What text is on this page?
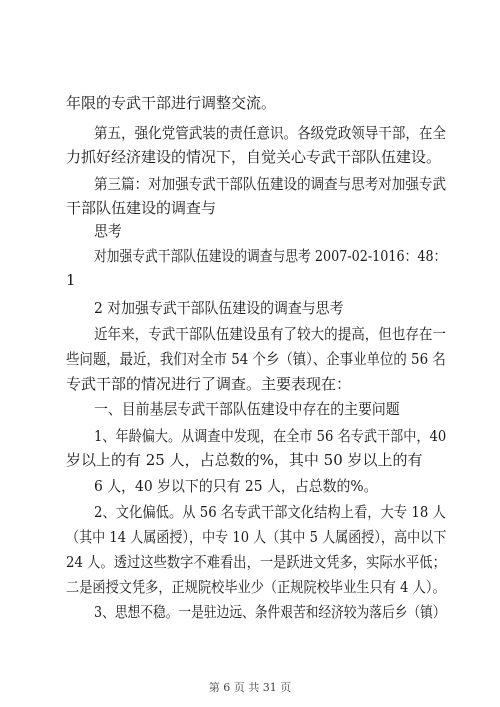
年限的专武干部进行调整交流。
第五，强化党管武装的责任意识。各级党政领导干部，在全
力抓好经济建设的情况下，自觉关心专武干部队伍建设。
第三篇：对加强专武干部队伍建设的调查与思考对加强专武
干部队伍建设的调查与
思考
对加强专武干部队伍建设的调查与思考 2007-02-1016：48：
1
2 对加强专武干部队伍建设的调查与思考
近年来，专武干部队伍建设虽有了较大的提高，但也存在一
些问题，最近，我们对全市 54 个乡（镇）、企事业单位的 56 名
专武干部的情况进行了调查。主要表现在：
一、目前基层专武干部队伍建设中存在的主要问题
1、年龄偏大。从调查中发现，在全市 56 名专武干部中，40
岁以上的有 25 人，占总数的%，其中 50 岁以上的有
6 人，40 岁以下的只有 25 人，占总数的%。
2、文化偏低。从 56 名专武干部文化结构上看，大专 18 人
（其中 14 人属函授），中专 10 人（其中 5 人属函授），高中以下
24 人。透过这些数字不难看出，一是跃进文凭多，实际水平低；
二是函授文凭多，正规院校毕业少（正规院校毕业生只有 4 人）。
3、思想不稳。一是驻边远、条件艰苦和经济较为落后乡（镇）
第 6 页 共 31 页
